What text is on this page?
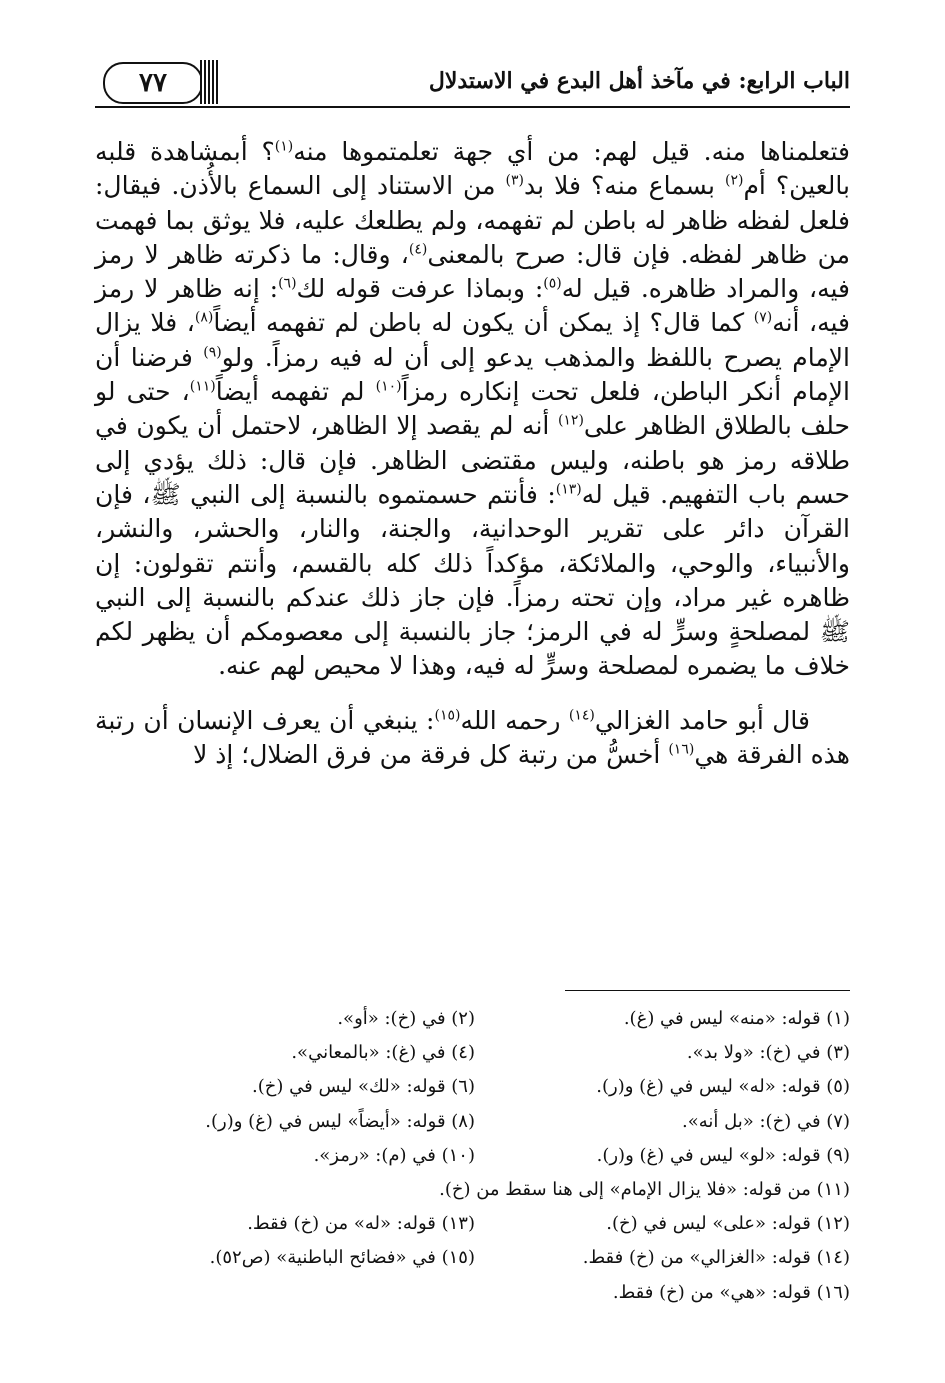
٧٧	الباب الرابع: في مآخذ أهل البدع في الاستدلال

فتعلمناها منه. قيل لهم: من أي جهة تعلمتموها منه$^{(١)}$؟ أبمشاهدة قلبه بالعين؟ أم$^{(٢)}$ بسماع منه؟ فلا بد$^{(٣)}$ من الاستناد إلى السماع بالأُذن. فيقال: فلعل لفظه ظاهر له باطن لم تفهمه، ولم يطلعك عليه، فلا يوثق بما فهمت من ظاهر لفظه. فإن قال: صرح بالمعنى$^{(٤)}$، وقال: ما ذكرته ظاهر لا رمز فيه، والمراد ظاهره. قيل له$^{(٥)}$: وبماذا عرفت قوله لك$^{(٦)}$: إنه ظاهر لا رمز فيه، أنه$^{(٧)}$ كما قال؟ إذ يمكن أن يكون له باطن لم تفهمه أيضاً$^{(٨)}$، فلا يزال الإمام يصرح باللفظ والمذهب يدعو إلى أن له فيه رمزاً. ولو$^{(٩)}$ فرضنا أن الإمام أنكر الباطن، فلعل تحت إنكاره رمزاً$^{(١٠)}$ لم تفهمه أيضاً$^{(١١)}$، حتى لو حلف بالطلاق الظاهر على$^{(١٢)}$ أنه لم يقصد إلا الظاهر، لاحتمل أن يكون في طلاقه رمز هو باطنه، وليس مقتضى الظاهر. فإن قال: ذلك يؤدي إلى حسم باب التفهيم. قيل له$^{(١٣)}$: فأنتم حسمتموه بالنسبة إلى النبي ﷺ، فإن القرآن دائر على تقرير الوحدانية، والجنة، والنار، والحشر، والنشر، والأنبياء، والوحي، والملائكة، مؤكداً ذلك كله بالقسم، وأنتم تقولون: إن ظاهره غير مراد، وإن تحته رمزاً. فإن جاز ذلك عندكم بالنسبة إلى النبي ﷺ لمصلحةٍ وسرٍّ له في الرمز؛ جاز بالنسبة إلى معصومكم أن يظهر لكم خلاف ما يضمره لمصلحة وسرٍّ له فيه، وهذا لا محيص لهم عنه.

قال أبو حامد الغزالي$^{(١٤)}$ رحمه الله$^{(١٥)}$: ينبغي أن يعرف الإنسان أن رتبة هذه الفرقة هي$^{(١٦)}$ أخسُّ من رتبة كل فرقة من فرق الضلال؛ إذ لا

(١) قوله: «منه» ليس في (غ).
(٢) في (خ): «أو».
(٣) في (خ): «ولا بد».
(٤) في (غ): «بالمعاني».
(٥) قوله: «له» ليس في (غ) و(ر).
(٦) قوله: «لك» ليس في (خ).
(٧) في (خ): «بل أنه».
(٨) قوله: «أيضاً» ليس في (غ) و(ر).
(٩) قوله: «لو» ليس في (غ) و(ر).
(١٠) في (م): «رمز».
(١١) من قوله: «فلا يزال الإمام» إلى هنا سقط من (خ).
(١٢) قوله: «على» ليس في (خ).
(١٣) قوله: «له» من (خ) فقط.
(١٤) قوله: «الغزالي» من (خ) فقط.
(١٥) في «فضائح الباطنية» (ص٥٢).
(١٦) قوله: «هي» من (خ) فقط.
